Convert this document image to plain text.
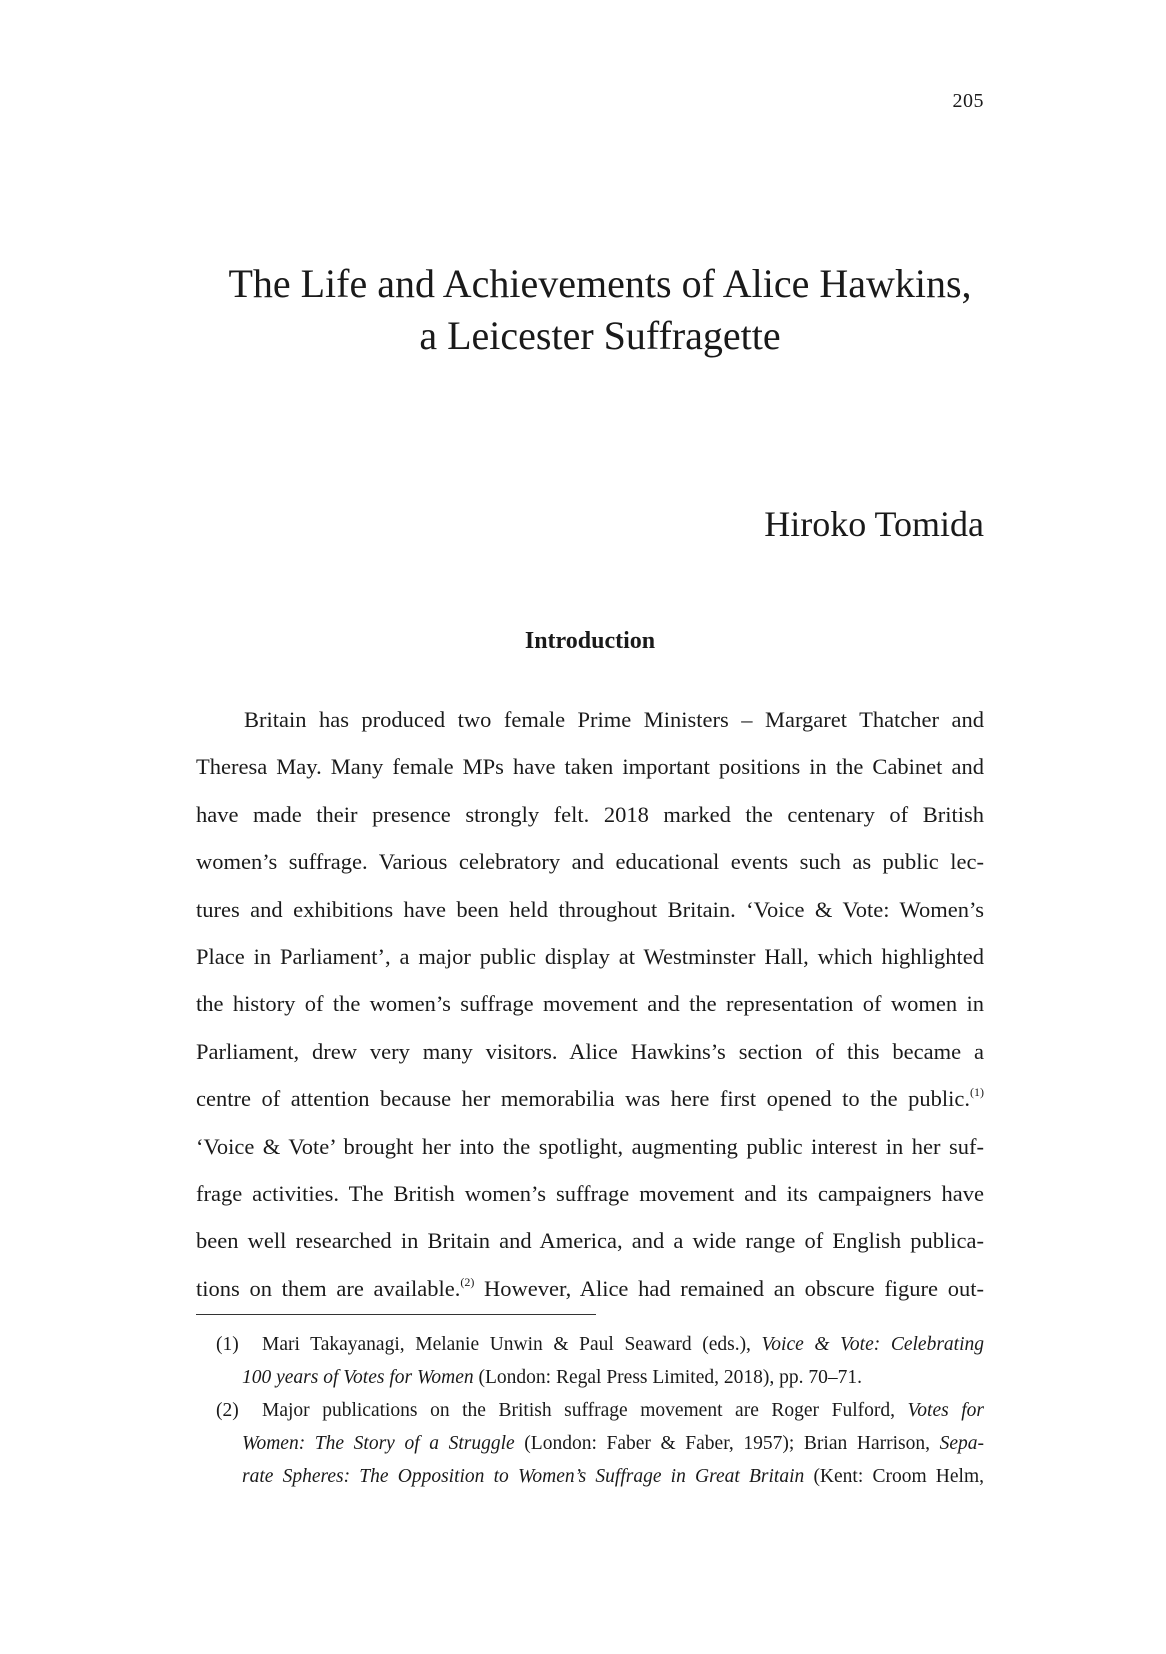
205
The Life and Achievements of Alice Hawkins,
a Leicester Suffragette
Hiroko Tomida
Introduction
Britain has produced two female Prime Ministers – Margaret Thatcher and
Theresa May. Many female MPs have taken important positions in the Cabinet and
have made their presence strongly felt. 2018 marked the centenary of British
women’s suffrage. Various celebratory and educational events such as public lec-
tures and exhibitions have been held throughout Britain. ‘Voice & Vote: Women’s
Place in Parliament’, a major public display at Westminster Hall, which highlighted
the history of the women’s suffrage movement and the representation of women in
Parliament, drew very many visitors. Alice Hawkins’s section of this became a
centre of attention because her memorabilia was here first opened to the public.$^{(1)}$
‘Voice & Vote’ brought her into the spotlight, augmenting public interest in her suf-
frage activities. The British women’s suffrage movement and its campaigners have
been well researched in Britain and America, and a wide range of English publica-
tions on them are available.$^{(2)}$ However, Alice had remained an obscure figure out-
(1) Mari Takayanagi, Melanie Unwin & Paul Seaward (eds.), Voice & Vote: Celebrating
100 years of Votes for Women (London: Regal Press Limited, 2018), pp. 70–71.
(2) Major publications on the British suffrage movement are Roger Fulford, Votes for
Women: The Story of a Struggle (London: Faber & Faber, 1957); Brian Harrison, Sepa-
rate Spheres: The Opposition to Women’s Suffrage in Great Britain (Kent: Croom Helm,
